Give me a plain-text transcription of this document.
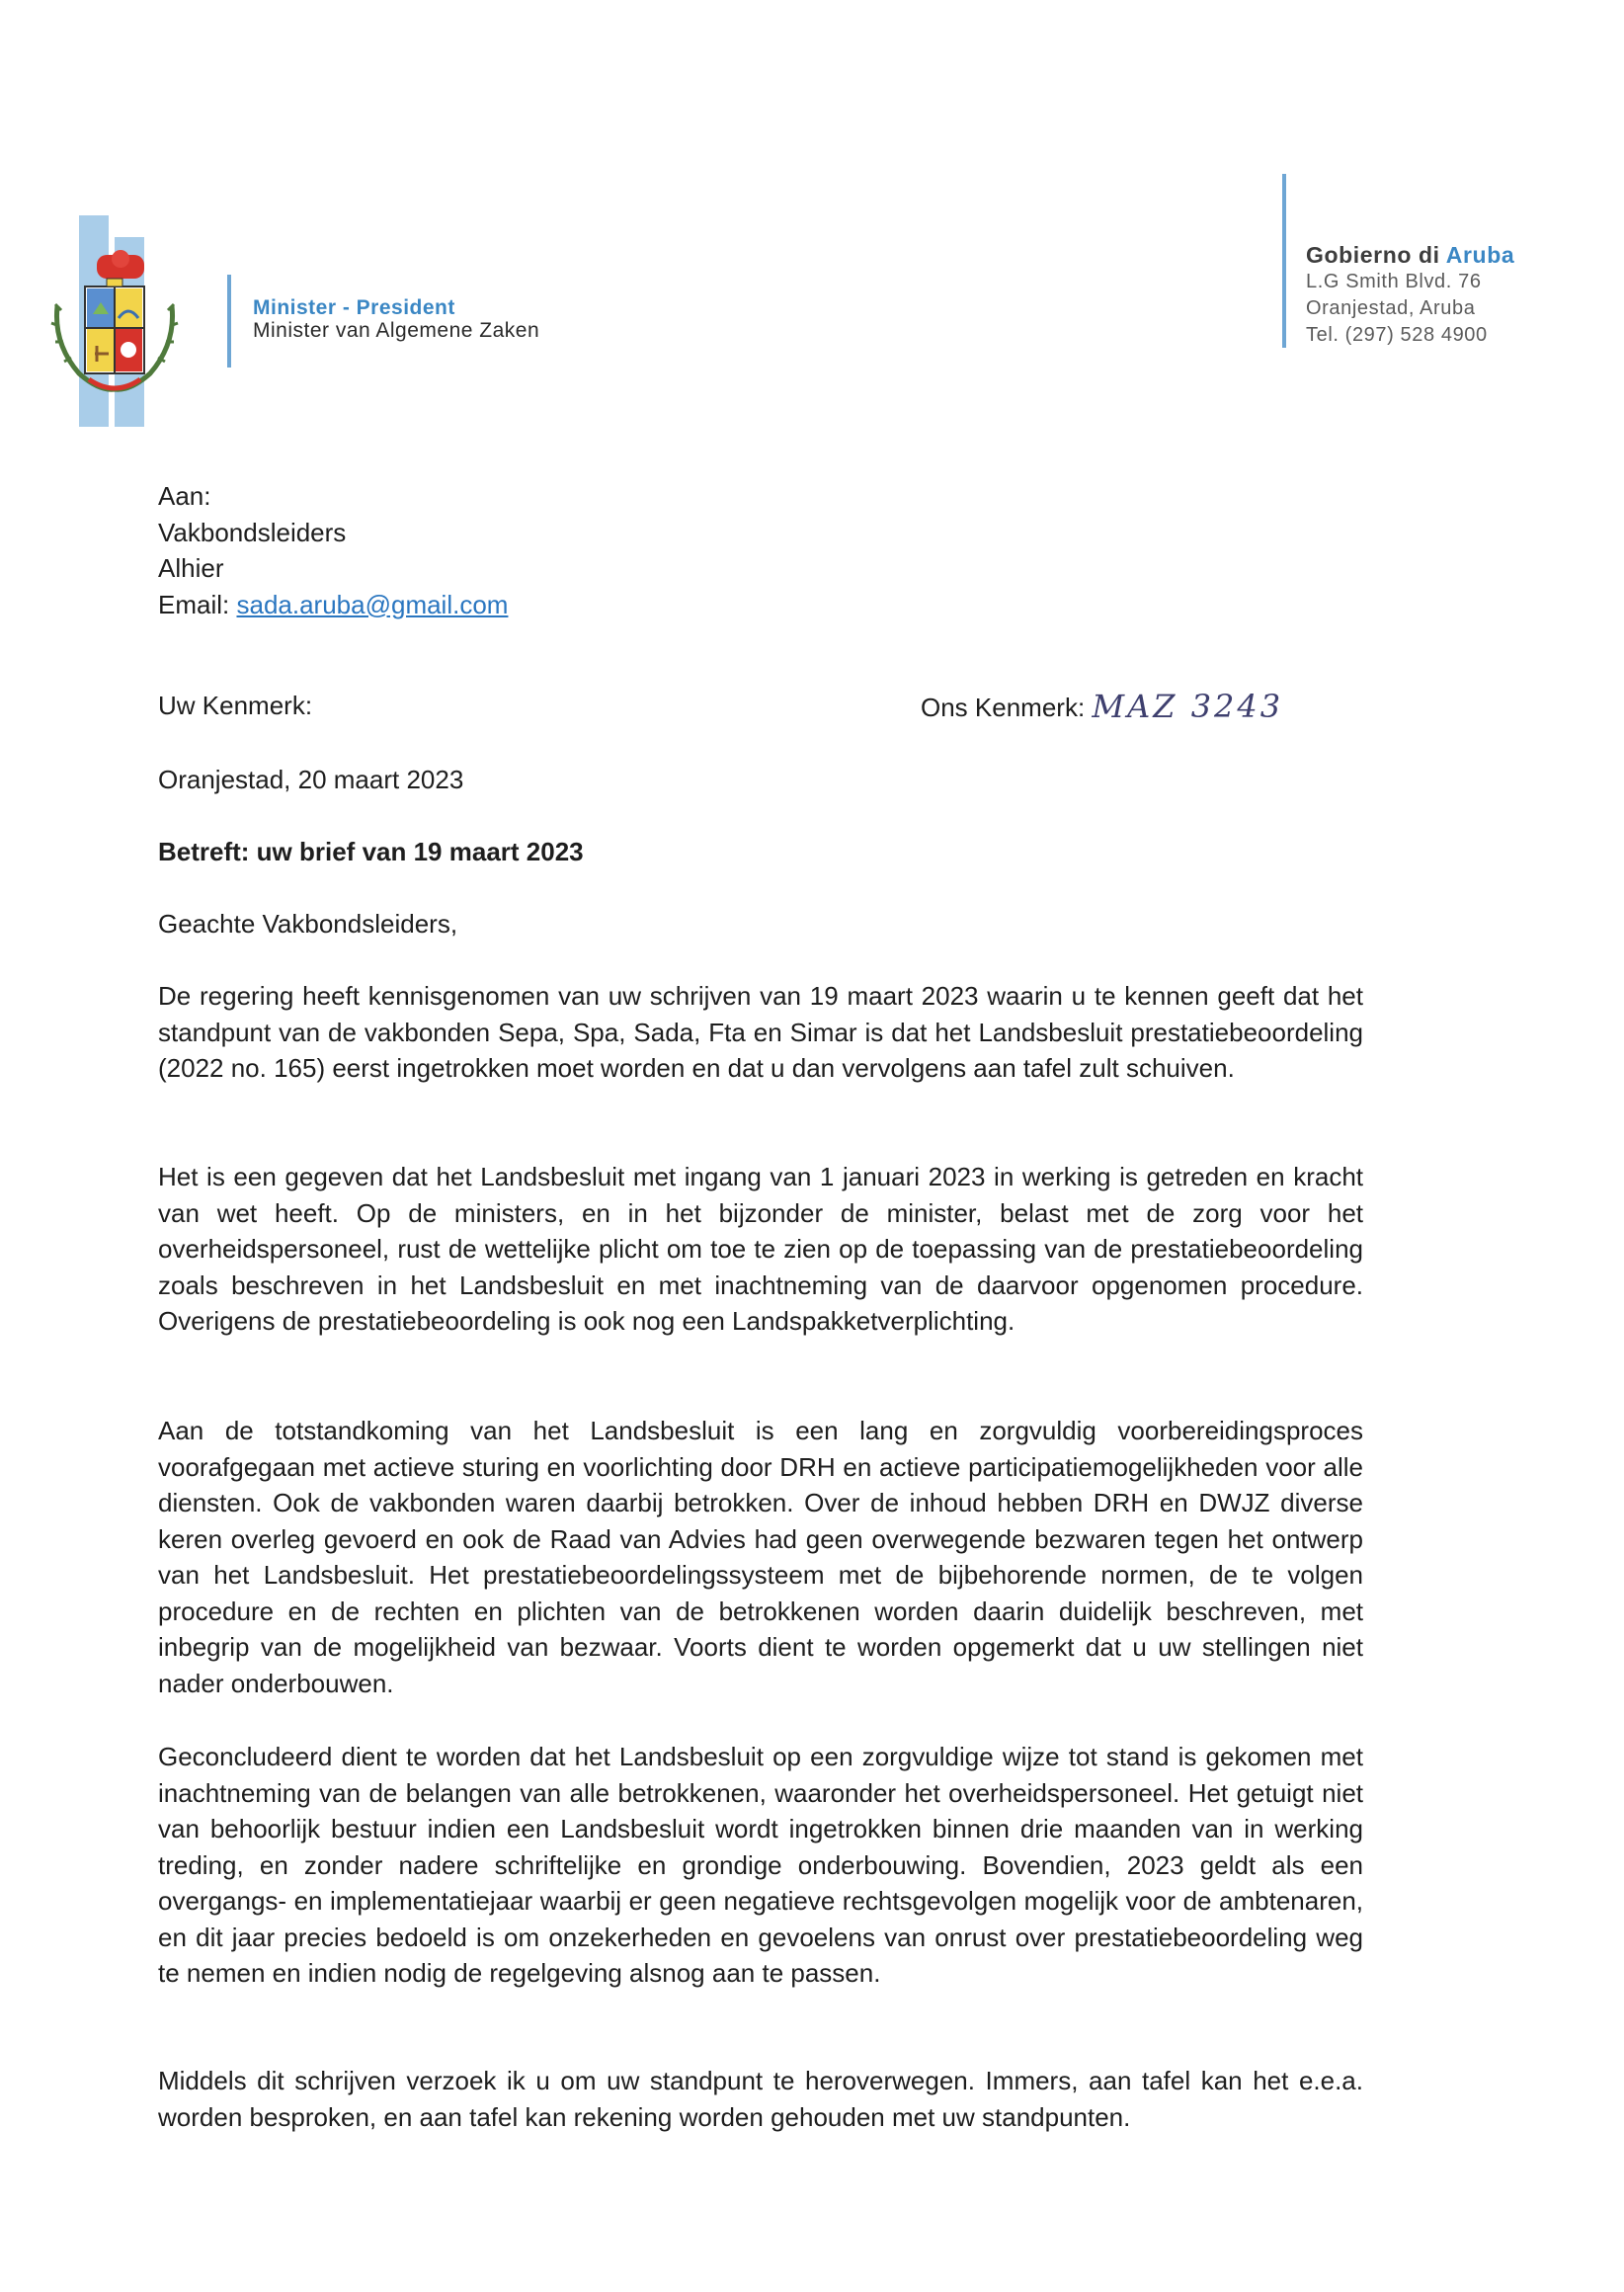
Minister - President
Minister van Algemene Zaken
Gobierno di Aruba
L.G Smith Blvd. 76
Oranjestad, Aruba
Tel. (297) 528 4900
Aan:
Vakbondsleiders
Alhier
Email: sada.aruba@gmail.com
Uw Kenmerk:	Ons Kenmerk: MAZ 3243
Oranjestad, 20 maart 2023
Betreft: uw brief van 19 maart 2023
Geachte Vakbondsleiders,
De regering heeft kennisgenomen van uw schrijven van 19 maart 2023 waarin u te kennen geeft dat het standpunt van de vakbonden Sepa, Spa, Sada, Fta en Simar is dat het Landsbesluit prestatiebeoordeling (2022 no. 165) eerst ingetrokken moet worden en dat u dan vervolgens aan tafel zult schuiven.
Het is een gegeven dat het Landsbesluit met ingang van 1 januari 2023 in werking is getreden en kracht van wet heeft. Op de ministers, en in het bijzonder de minister, belast met de zorg voor het overheidspersoneel, rust de wettelijke plicht om toe te zien op de toepassing van de prestatiebeoordeling zoals beschreven in het Landsbesluit en met inachtneming van de daarvoor opgenomen procedure. Overigens de prestatiebeoordeling is ook nog een Landspakketverplichting.
Aan de totstandkoming van het Landsbesluit is een lang en zorgvuldig voorbereidingsproces voorafgegaan met actieve sturing en voorlichting door DRH en actieve participatiemogelijkheden voor alle diensten. Ook de vakbonden waren daarbij betrokken. Over de inhoud hebben DRH en DWJZ diverse keren overleg gevoerd en ook de Raad van Advies had geen overwegende bezwaren tegen het ontwerp van het Landsbesluit. Het prestatiebeoordelingssysteem met de bijbehorende normen, de te volgen procedure en de rechten en plichten van de betrokkenen worden daarin duidelijk beschreven, met inbegrip van de mogelijkheid van bezwaar. Voorts dient te worden opgemerkt dat u uw stellingen niet nader onderbouwen.
Geconcludeerd dient te worden dat het Landsbesluit op een zorgvuldige wijze tot stand is gekomen met inachtneming van de belangen van alle betrokkenen, waaronder het overheidspersoneel. Het getuigt niet van behoorlijk bestuur indien een Landsbesluit wordt ingetrokken binnen drie maanden van in werking treding, en zonder nadere schriftelijke en grondige onderbouwing. Bovendien, 2023 geldt als een overgangs- en implementatiejaar waarbij er geen negatieve rechtsgevolgen mogelijk voor de ambtenaren, en dit jaar precies bedoeld is om onzekerheden en gevoelens van onrust over prestatiebeoordeling weg te nemen en indien nodig de regelgeving alsnog aan te passen.
Middels dit schrijven verzoek ik u om uw standpunt te heroverwegen. Immers, aan tafel kan het e.e.a. worden besproken, en aan tafel kan rekening worden gehouden met uw standpunten.
